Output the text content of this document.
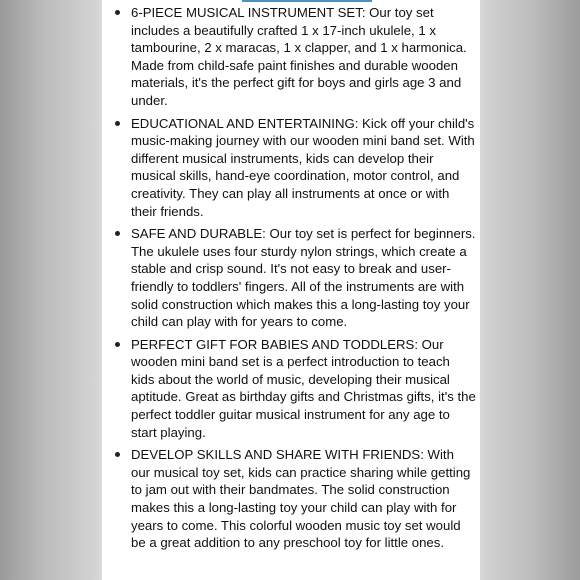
6-PIECE MUSICAL INSTRUMENT SET: Our toy set includes a beautifully crafted 1 x 17-inch ukulele, 1 x tambourine, 2 x maracas, 1 x clapper, and 1 x harmonica. Made from child-safe paint finishes and durable wooden materials, it's the perfect gift for boys and girls age 3 and under.
EDUCATIONAL AND ENTERTAINING: Kick off your child's music-making journey with our wooden mini band set. With different musical instruments, kids can develop their musical skills, hand-eye coordination, motor control, and creativity. They can play all instruments at once or with their friends.
SAFE AND DURABLE: Our toy set is perfect for beginners. The ukulele uses four sturdy nylon strings, which create a stable and crisp sound. It's not easy to break and user-friendly to toddlers' fingers. All of the instruments are with solid construction which makes this a long-lasting toy your child can play with for years to come.
PERFECT GIFT FOR BABIES AND TODDLERS: Our wooden mini band set is a perfect introduction to teach kids about the world of music, developing their musical aptitude. Great as birthday gifts and Christmas gifts, it's the perfect toddler guitar musical instrument for any age to start playing.
DEVELOP SKILLS AND SHARE WITH FRIENDS: With our musical toy set, kids can practice sharing while getting to jam out with their bandmates. The solid construction makes this a long-lasting toy your child can play with for years to come. This colorful wooden music toy set would be a great addition to any preschool toy for little ones.
